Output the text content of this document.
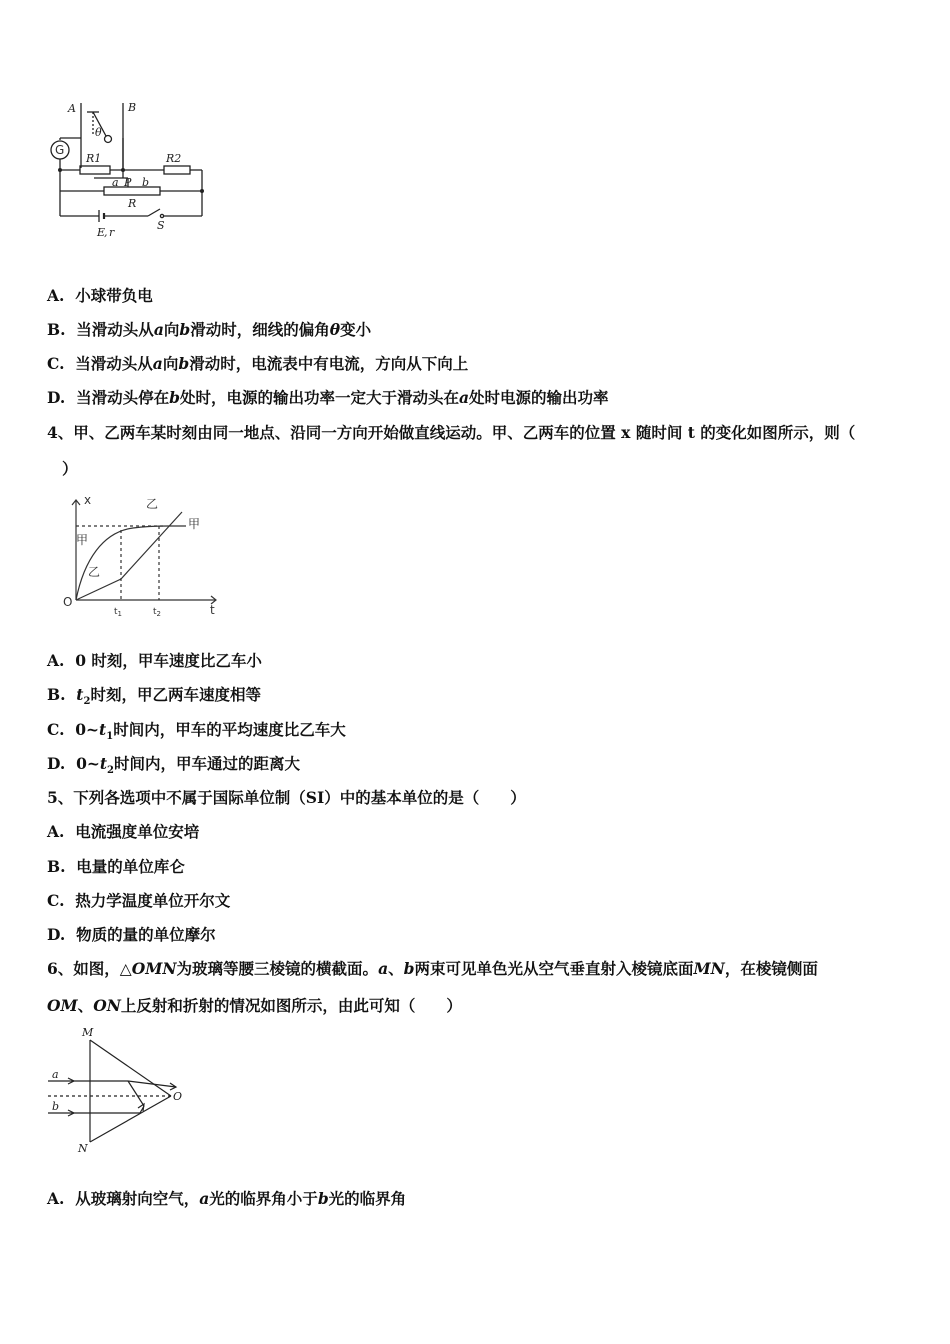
A	B
θ
G
R1	R2
a P b
R
S
E
, r
A. 小球带负电
B. 当滑动头从a向b滑动时，细线的偏角θ变小
C. 当滑动头从a向b滑动时，电流表中有电流，方向从下向上
D. 当滑动头停在b处时，电源的输出功率一定大于滑动头在a处时电源的输出功率
4、甲、乙两车某时刻由同一地点、沿同一方向开始做直线运动。甲、乙两车的位置 x 随时间 t 的变化如图所示，则（
）
x
t
O
乙
甲
甲
乙
$t_1$	$t_2$
A. 0 时刻，甲车速度比乙车小
B. $t_2$时刻，甲乙两车速度相等
C. $0\sim t_1$时间内，甲车的平均速度比乙车大
D. $0\sim t_2$时间内，甲车通过的距离大
5、下列各选项中不属于国际单位制（SI）中的基本单位的是（　　）
A. 电流强度单位安培
B. 电量的单位库仑
C. 热力学温度单位开尔文
D. 物质的量的单位摩尔
6、如图，△OMN为玻璃等腰三棱镜的横截面。a、b两束可见单色光从空气垂直射入棱镜底面MN，在棱镜侧面
OM、ON上反射和折射的情况如图所示，由此可知（　　）
M
N
O
a
b
A. 从玻璃射向空气，a光的临界角小于b光的临界角
